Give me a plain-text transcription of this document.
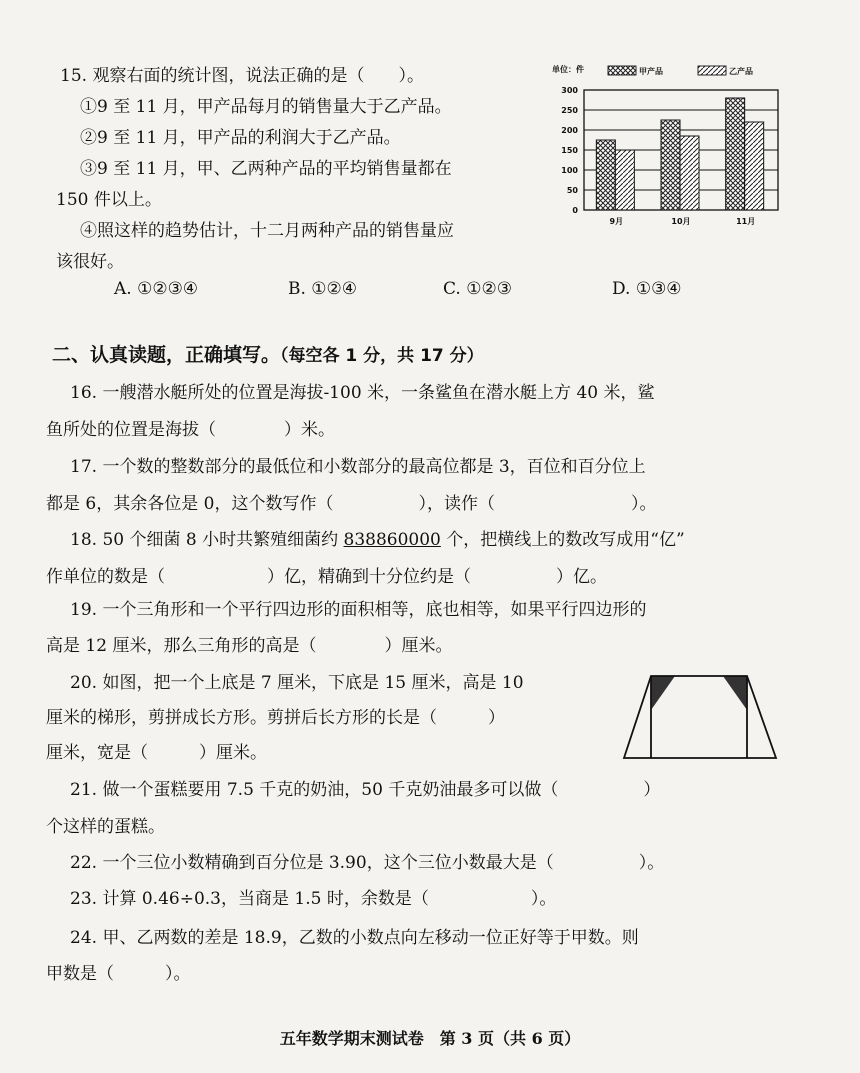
15. 观察右面的统计图，说法正确的是（　　）。
①9 至 11 月，甲产品每月的销售量大于乙产品。
②9 至 11 月，甲产品的利润大于乙产品。
③9 至 11 月，甲、乙两种产品的平均销售量都在
150 件以上。
④照这样的趋势估计，十二月两种产品的销售量应
该很好。
A. ①②③④	B. ①②④	C. ①②③	D. ①③④
0
50
100
150
200
250
300
单位：件
9月	10月	11月
甲产品	乙产品
二、认真读题，正确填写。（每空各 1 分，共 17 分）
16. 一艘潜水艇所处的位置是海拔-100 米，一条鲨鱼在潜水艇上方 40 米，鲨
鱼所处的位置是海拔（　　　　）米。
17. 一个数的整数部分的最低位和小数部分的最高位都是 3，百位和百分位上
都是 6，其余各位是 0，这个数写作（　　　　　），读作（　　　　　　　　）。
18. 50 个细菌 8 小时共繁殖细菌约 838860000 个，把横线上的数改写成用“亿”
作单位的数是（　　　　　　）亿，精确到十分位约是（　　　　　）亿。
19. 一个三角形和一个平行四边形的面积相等，底也相等，如果平行四边形的
高是 12 厘米，那么三角形的高是（　　　　）厘米。
20. 如图，把一个上底是 7 厘米，下底是 15 厘米，高是 10
厘米的梯形，剪拼成长方形。剪拼后长方形的长是（　　　）
厘米，宽是（　　　）厘米。
21. 做一个蛋糕要用 7.5 千克的奶油，50 千克奶油最多可以做（　　　　　）
个这样的蛋糕。
22. 一个三位小数精确到百分位是 3.90，这个三位小数最大是（　　　　　）。
23. 计算 0.46÷0.3，当商是 1.5 时，余数是（　　　　　　）。
24. 甲、乙两数的差是 18.9，乙数的小数点向左移动一位正好等于甲数。则
甲数是（　　　）。
五年数学期末测试卷　第 3 页（共 6 页）
